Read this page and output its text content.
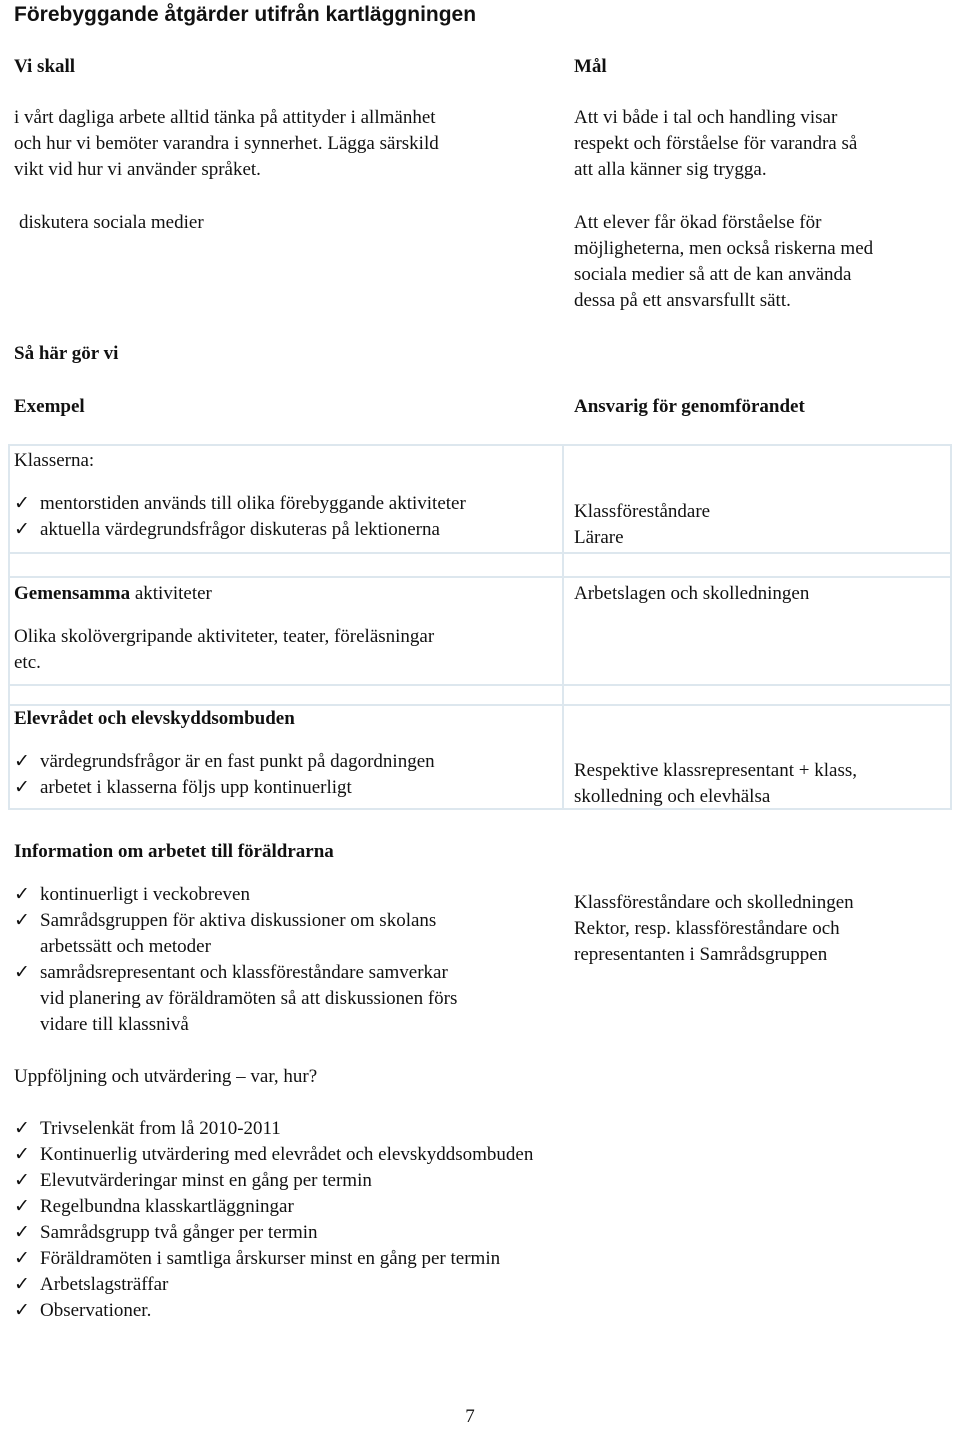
Förebyggande åtgärder utifrån kartläggningen
Vi skall
i vårt dagliga arbete alltid tänka på attityder i allmänhet
och hur vi bemöter varandra i synnerhet. Lägga särskild
vikt vid hur vi använder språket.
diskutera sociala medier
Mål
Att vi både i tal och handling visar
respekt och förståelse för varandra så
att alla känner sig trygga.
Att elever får ökad förståelse för
möjligheterna, men också riskerna med
sociala medier så att de kan använda
dessa på ett ansvarsfullt sätt.
Så här gör vi
Exempel	Ansvarig för genomförandet
Klasserna:
✓ mentorstiden används till olika förebyggande aktiviteter
✓ aktuella värdegrundsfrågor diskuteras på lektionerna
Klassföreståndare
Lärare
Gemensamma aktiviteter
Olika skolövergripande aktiviteter, teater, föreläsningar
etc.
Arbetslagen och skolledningen
Elevrådet och elevskyddsombuden
✓ värdegrundsfrågor är en fast punkt på dagordningen
✓ arbetet i klasserna följs upp kontinuerligt
Respektive klassrepresentant + klass,
skolledning och elevhälsa
Information om arbetet till föräldrarna
✓ kontinuerligt i veckobreven
✓ Samrådsgruppen för aktiva diskussioner om skolans
arbetssätt och metoder
✓ samrådsrepresentant och klassföreståndare samverkar
vid planering av föräldramöten så att diskussionen förs
vidare till klassnivå
Klassföreståndare och skolledningen
Rektor, resp. klassföreståndare och
representanten i Samrådsgruppen
Uppföljning och utvärdering – var, hur?
✓ Trivselenkät from lå 2010-2011
✓ Kontinuerlig utvärdering med elevrådet och elevskyddsombuden
✓ Elevutvärderingar minst en gång per termin
✓ Regelbundna klasskartläggningar
✓ Samrådsgrupp två gånger per termin
✓ Föräldramöten i samtliga årskurser minst en gång per termin
✓ Arbetslagsträffar
✓ Observationer.
7
